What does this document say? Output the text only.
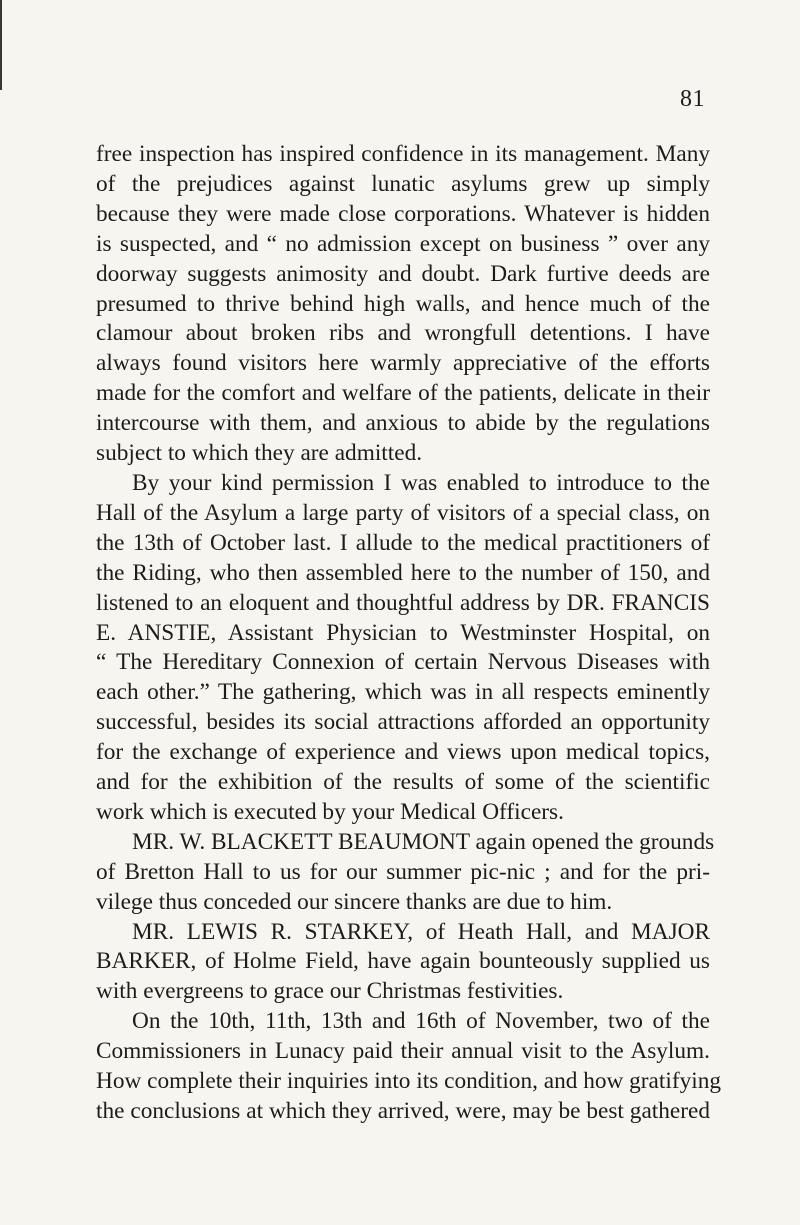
81
free inspection has inspired confidence in its management. Many
of the prejudices against lunatic asylums grew up simply
because they were made close corporations. Whatever is hidden
is suspected, and “ no admission except on business ” over any
doorway suggests animosity and doubt. Dark furtive deeds are
presumed to thrive behind high walls, and hence much of the
clamour about broken ribs and wrongfull detentions. I have
always found visitors here warmly appreciative of the efforts
made for the comfort and welfare of the patients, delicate in their
intercourse with them, and anxious to abide by the regulations
subject to which they are admitted.
By your kind permission I was enabled to introduce to the
Hall of the Asylum a large party of visitors of a special class, on
the 13th of October last. I allude to the medical practitioners of
the Riding, who then assembled here to the number of 150, and
listened to an eloquent and thoughtful address by DR. FRANCIS
E. ANSTIE, Assistant Physician to Westminster Hospital, on
“ The Hereditary Connexion of certain Nervous Diseases with
each other.” The gathering, which was in all respects eminently
successful, besides its social attractions afforded an opportunity
for the exchange of experience and views upon medical topics,
and for the exhibition of the results of some of the scientific
work which is executed by your Medical Officers.
MR. W. BLACKETT BEAUMONT again opened the grounds
of Bretton Hall to us for our summer pic-nic ; and for the pri-
vilege thus conceded our sincere thanks are due to him.
MR. LEWIS R. STARKEY, of Heath Hall, and MAJOR
BARKER, of Holme Field, have again bounteously supplied us
with evergreens to grace our Christmas festivities.
On the 10th, 11th, 13th and 16th of November, two of the
Commissioners in Lunacy paid their annual visit to the Asylum.
How complete their inquiries into its condition, and how gratifying
the conclusions at which they arrived, were, may be best gathered
